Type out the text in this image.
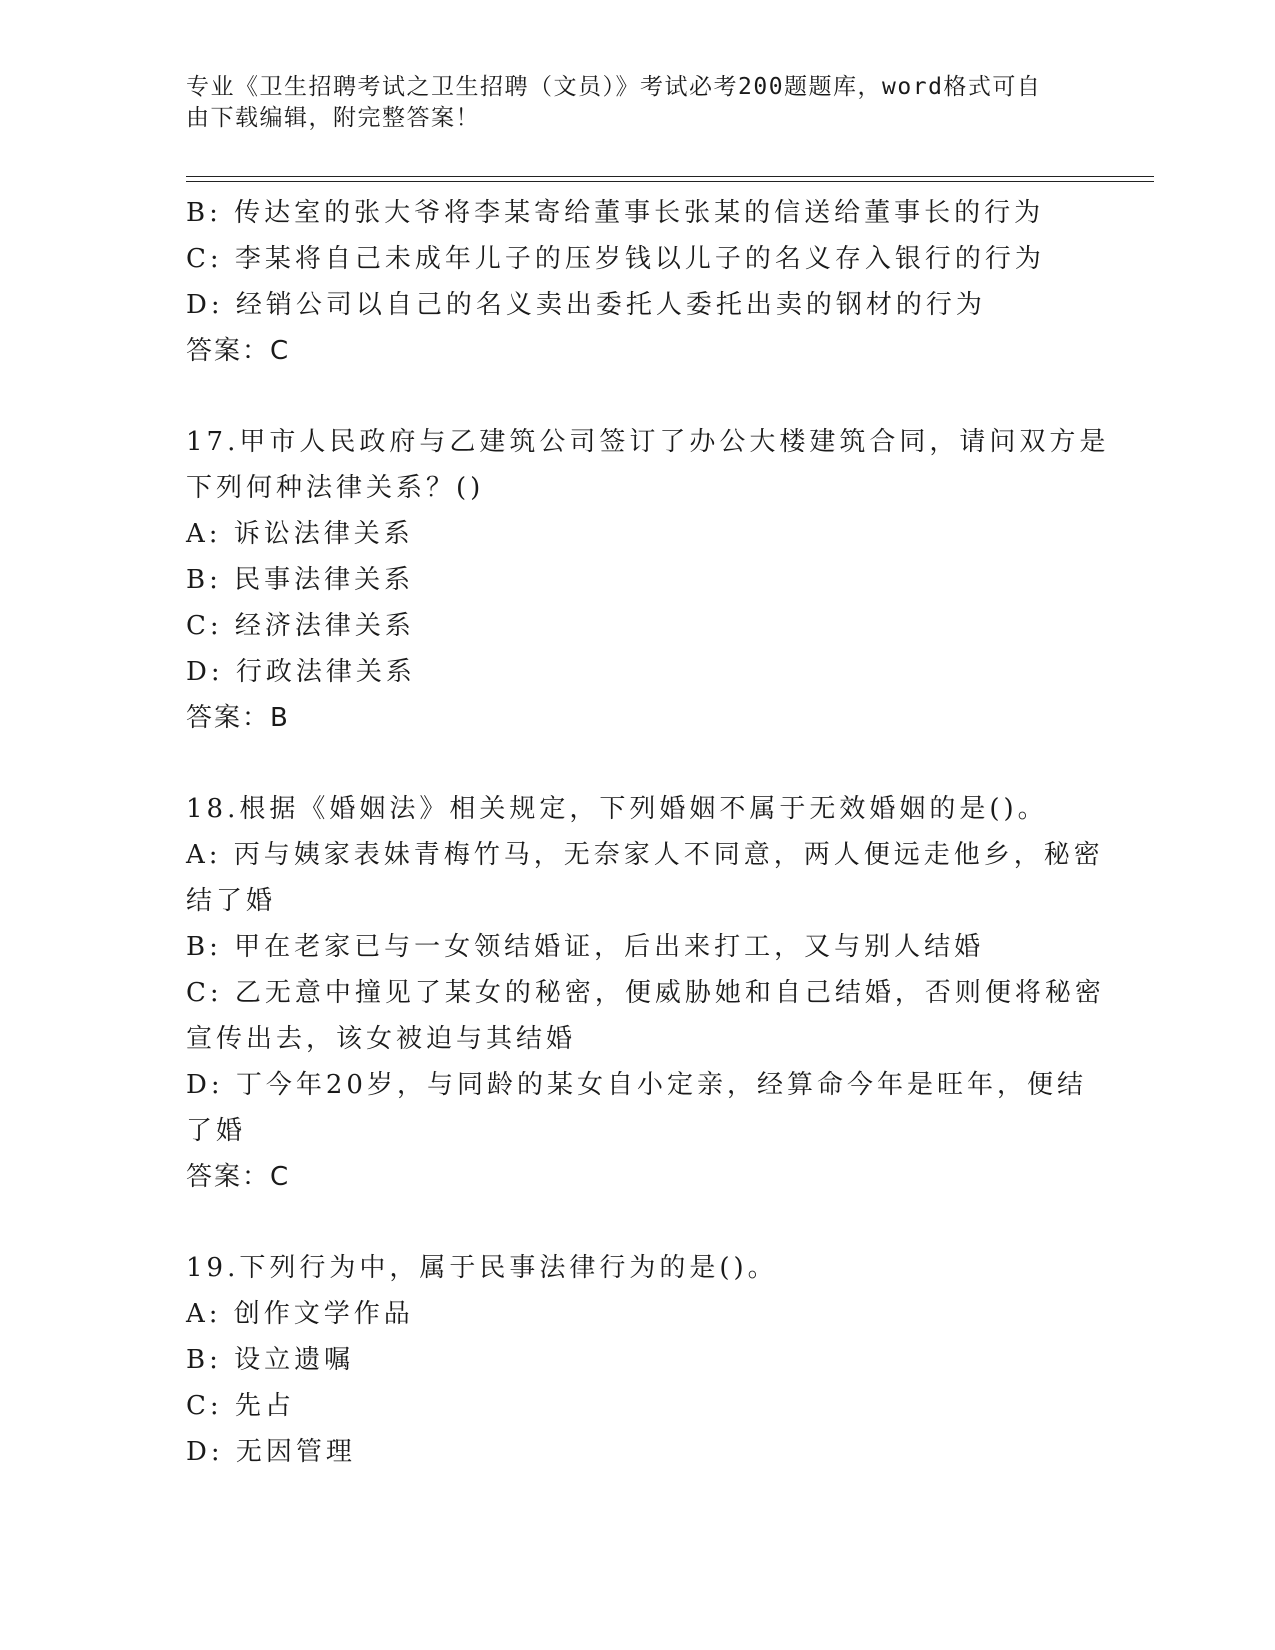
专业《卫生招聘考试之卫生招聘（文员）》考试必考200题题库，word格式可自
由下载编辑，附完整答案！
B: 传达室的张大爷将李某寄给董事长张某的信送给董事长的行为
C: 李某将自己未成年儿子的压岁钱以儿子的名义存入银行的行为
D: 经销公司以自己的名义卖出委托人委托出卖的钢材的行为
答案：C
17.甲市人民政府与乙建筑公司签订了办公大楼建筑合同，请问双方是
下列何种法律关系？()
A: 诉讼法律关系
B: 民事法律关系
C: 经济法律关系
D: 行政法律关系
答案：B
18.根据《婚姻法》相关规定，下列婚姻不属于无效婚姻的是()。
A: 丙与姨家表妹青梅竹马，无奈家人不同意，两人便远走他乡，秘密
结了婚
B: 甲在老家已与一女领结婚证，后出来打工，又与别人结婚
C: 乙无意中撞见了某女的秘密，便威胁她和自己结婚，否则便将秘密
宣传出去，该女被迫与其结婚
D: 丁今年20岁，与同龄的某女自小定亲，经算命今年是旺年，便结
了婚
答案：C
19.下列行为中，属于民事法律行为的是()。
A: 创作文学作品
B: 设立遗嘱
C: 先占
D: 无因管理
